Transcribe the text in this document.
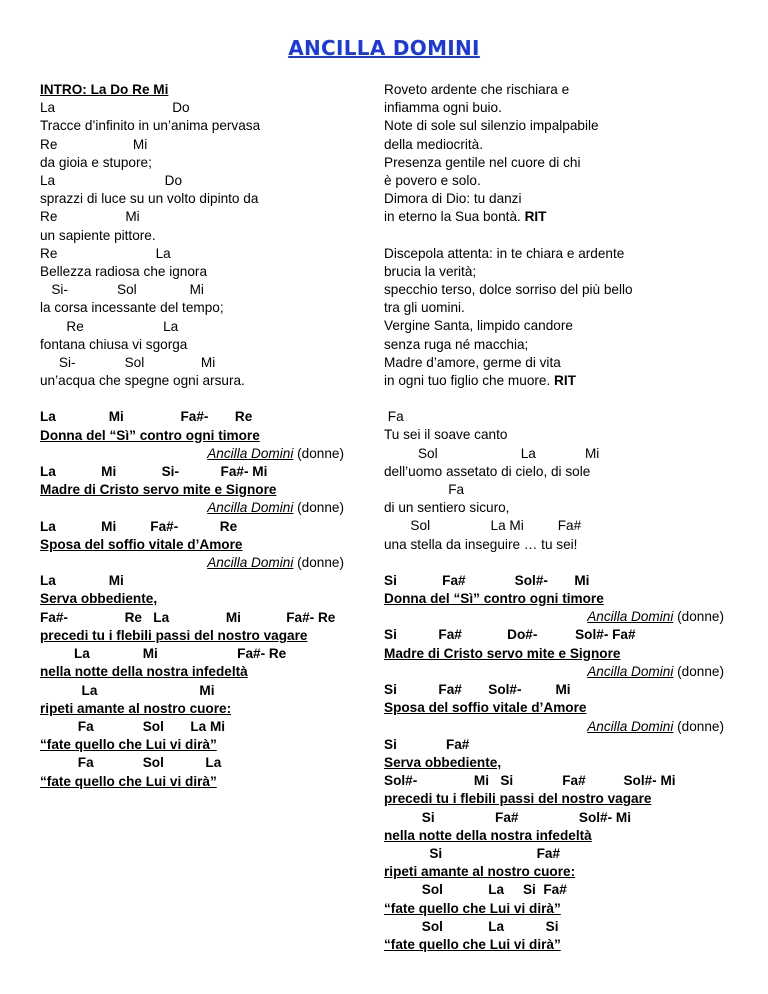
ANCILLA DOMINI
INTRO: La Do Re Mi
La                               Do
Tracce d’infinito in un’anima pervasa
Re                    Mi
da gioia e stupore;
La                             Do
sprazzi di luce su un volto dipinto da
Re                  Mi
un sapiente pittore.
Re                          La
Bellezza radiosa che ignora
Si-             Sol              Mi
la corsa incessante del tempo;
Re                     La
fontana chiusa vi sgorga
Si-             Sol               Mi
un’acqua che spegne ogni arsura.
La              Mi               Fa#-       Re
Donna del “Sì” contro ogni timore
Ancilla Domini (donne)
La            Mi            Si-           Fa#- Mi
Madre di Cristo servo mite e Signore
Ancilla Domini (donne)
La            Mi         Fa#-           Re
Sposa del soffio vitale d’Amore
Ancilla Domini (donne)
La              Mi
Serva obbediente,
Fa#-               Re   La               Mi            Fa#- Re
precedi tu i flebili passi del nostro vagare
La              Mi                     Fa#- Re
nella notte della nostra infedeltà
La                           Mi
ripeti amante al nostro cuore:
Fa             Sol       La Mi
“fate quello che Lui vi dirà”
Fa             Sol           La
“fate quello che Lui vi dirà”
Roveto ardente che rischiara e
infiamma ogni buio.
Note di sole sul silenzio impalpabile
della mediocrità.
Presenza gentile nel cuore di chi
è povero e solo.
Dimora di Dio: tu danzi
in eterno la Sua bontà. RIT
Discepola attenta: in te chiara e ardente
brucia la verità;
specchio terso, dolce sorriso del più bello
tra gli uomini.
Vergine Santa, limpido candore
senza ruga né macchia;
Madre d’amore, germe di vita
in ogni tuo figlio che muore. RIT
Fa
Tu sei il soave canto
Sol                      La             Mi
dell’uomo assetato di cielo, di sole
Fa
di un sentiero sicuro,
Sol                La Mi         Fa#
una stella da inseguire … tu sei!
Si            Fa#             Sol#-       Mi
Donna del “Sì” contro ogni timore
Ancilla Domini (donne)
Si           Fa#            Do#-          Sol#- Fa#
Madre di Cristo servo mite e Signore
Ancilla Domini (donne)
Si           Fa#       Sol#-         Mi
Sposa del soffio vitale d’Amore
Ancilla Domini (donne)
Si             Fa#
Serva obbediente,
Sol#-               Mi   Si             Fa#          Sol#- Mi
precedi tu i flebili passi del nostro vagare
Si                Fa#                Sol#- Mi
nella notte della nostra infedeltà
Si                         Fa#
ripeti amante al nostro cuore:
Sol            La     Si  Fa#
“fate quello che Lui vi dirà”
Sol            La           Si
“fate quello che Lui vi dirà”
